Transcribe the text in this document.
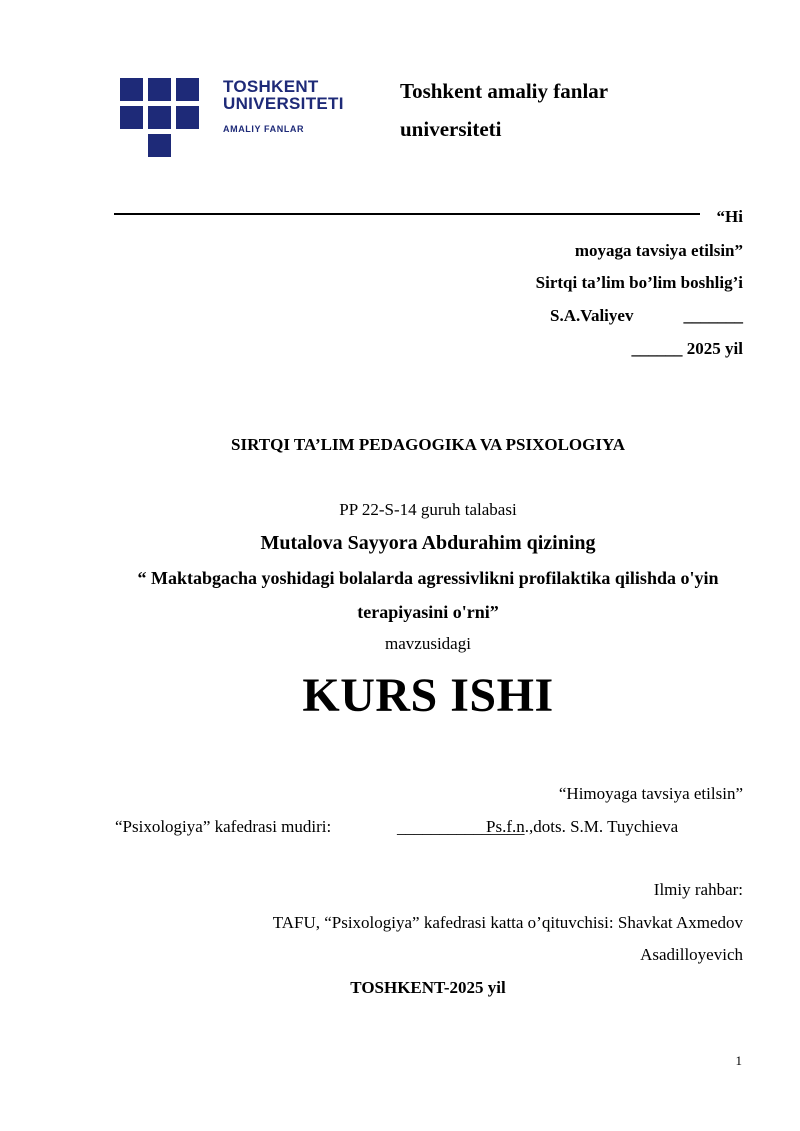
TOSHKENT
UNIVERSITETI
AMALIY FANLAR
Toshkent amaliy fanlar
universiteti
“Hi
moyaga tavsiya etilsin”
Sirtqi ta’lim bo’lim boshlig’i
S.A.Valiyev	_______
______ 2025 yil
SIRTQI TA’LIM PEDAGOGIKA VA PSIXOLOGIYA
PP 22-S-14 guruh talabasi
Mutalova Sayyora Abdurahim qizining
“ Maktabgacha yoshidagi bolalarda agressivlikni profilaktika qilishda o'yin
terapiyasini o'rni”
mavzusidagi
KURS ISHI
“Himoyaga tavsiya etilsin”
“Psixologiya” kafedrasi mudiri:	_______________
Ps.f.n.,dots. S.M. Tuychieva
Ilmiy rahbar:
TAFU, “Psixologiya” kafedrasi katta o’qituvchisi: Shavkat Axmedov
Asadilloyevich
TOSHKENT-2025 yil
1
